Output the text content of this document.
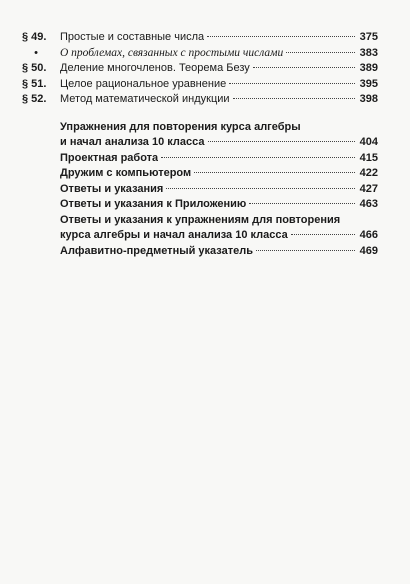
§ 49.	Простые и составные числа	375
•	О проблемах, связанных с простыми числами	383
§ 50.	Деление многочленов. Теорема Безу	389
§ 51.	Целое рациональное уравнение	395
§ 52.	Метод математической индукции	398
Упражнения для повторения курса алгебры
и начал анализа 10 класса	404
Проектная работа	415
Дружим с компьютером	422
Ответы и указания	427
Ответы и указания к Приложению	463
Ответы и указания к упражнениям для повторения
курса алгебры и начал анализа 10 класса	466
Алфавитно-предметный указатель	469
